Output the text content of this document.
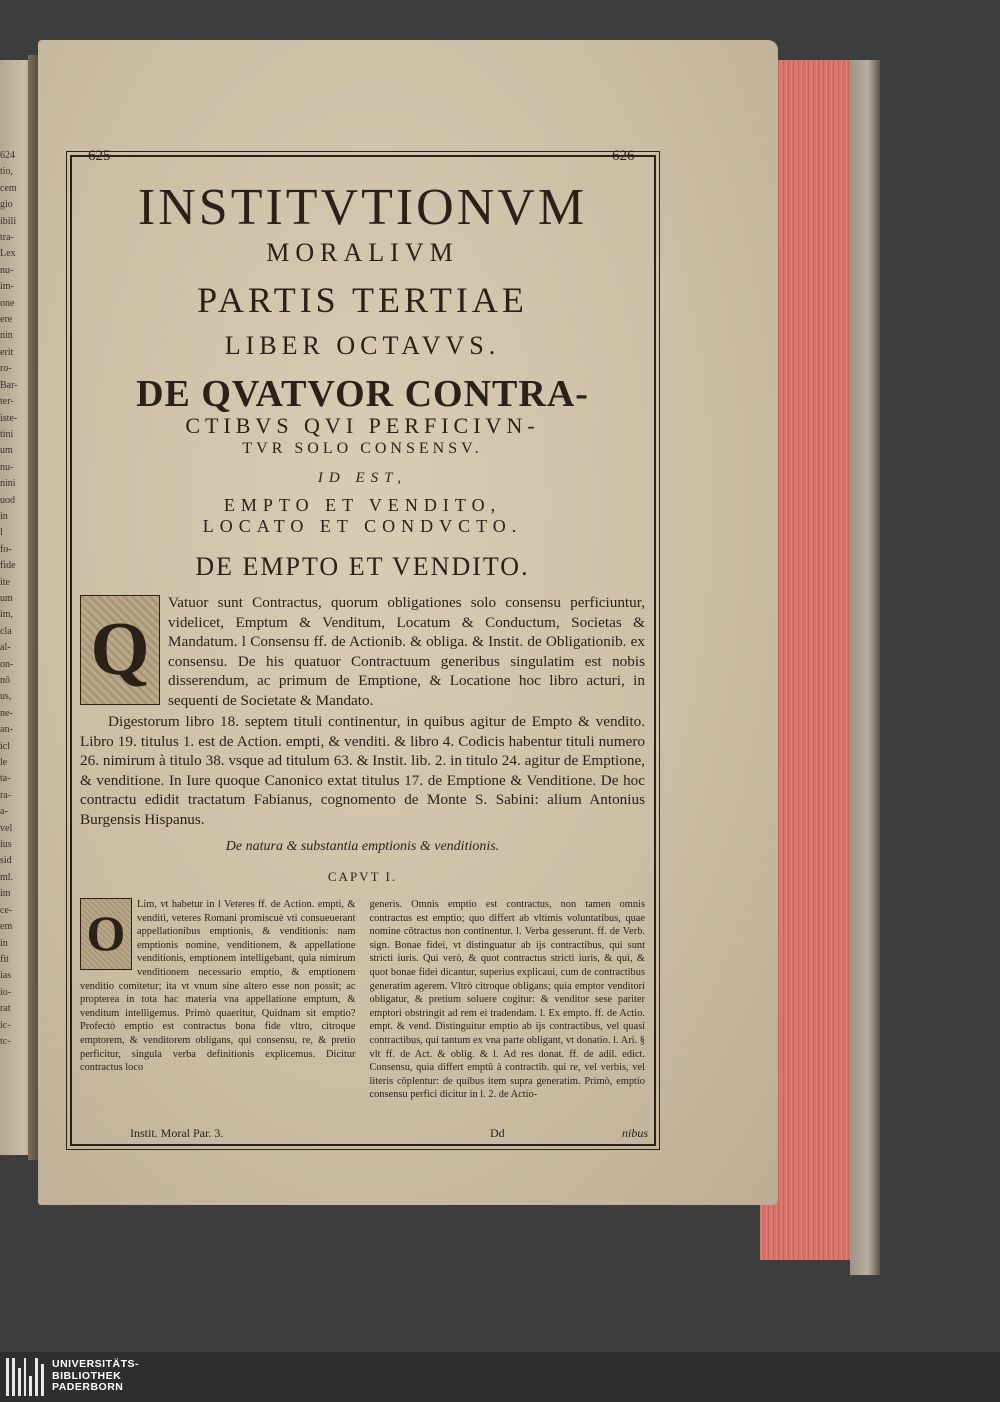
624
tio,
cem
gio
ibili
tra-
Lex
nu-
im-
one
ere
nin
erit
ro-
Bar-
ter-
iste-
tini
um
nu-
nini
uod
in
l
fo-
fide
ite
um
im,
cla
al-
on-
nō
us,
ne-
an-
icl
le
ta-
ra-
a-
vel
ius
sid
ml.
im
ce-
em
in
fit
ias
io-
rat
ic-
tc-
625	626

INSTITVTIONVM

MORALIVM

PARTIS TERTIAE

LIBER OCTAVVS.

DE QVATVOR CONTRA-

CTIBVS QVI PERFICIVN-

TVR SOLO CONSENSV.

ID EST,

EMPTO ET VENDITO,

LOCATO ET CONDVCTO.

DE EMPTO ET VENDITO.

Q
Vatuor sunt Contractus, quorum obligationes solo consensu perficiuntur, videlicet, Emptum & Venditum, Locatum & Conductum, Societas & Mandatum. l Consensu ff. de Actionib. & obliga. & Instit. de Obligationib. ex consensu. De his quatuor Contractuum generibus singulatim est nobis disserendum, ac primum de Emptione, & Locatione hoc libro acturi, in sequenti de Societate & Mandato.
Digestorum libro 18. septem tituli continentur, in quibus agitur de Empto & vendito. Libro 19. titulus 1. est de Action. empti, & venditi. & libro 4. Codicis habentur tituli numero 26. nimirum à titulo 38. vsque ad titulum 63. & Instit. lib. 2. in titulo 24. agitur de Emptione, & venditione. In Iure quoque Canonico extat titulus 17. de Emptione & Venditione. De hoc contractu edidit tractatum Fabianus, cognomento de Monte S. Sabini: alium Antonius Burgensis Hispanus.

De natura & substantia emptionis & venditionis.

CAPVT I.

O
Lim, vt habetur in l Veteres ff. de Action. empti, & venditi, veteres Romani promiscuè vti consueuerant appellationibus emptionis, & venditionis: nam emptionis nomine, venditionem, & appellatione venditionis, emptionem intelligebant, quia nimirum venditionem necessario emptio, & emptionem venditio comitetur; ita vt vnum sine altero esse non possit; ac propterea in tota hac materia vna appellatione emptum, & venditum intelligemus. Primò quaeritur, Quidnam sit emptio? Profectò emptio est contractus bona fide vltro, citroque emptorem, & venditorem obligans, qui consensu, re, & pretio perficitur, singula verba definitionis explicemus. Dicitur contractus loco
generis. Omnis emptio est contractus, non tamen omnis contractus est emptio; quo differt ab vltimis voluntatibus, quae nomine cōtractus non continentur. l. Verba gesserunt. ff. de Verb. sign. Bonae fidei, vt distinguatur ab ijs contractibus, qui sunt stricti iuris. Qui verò, & quot contractus stricti iuris, & qui, & quot bonae fidei dicantur, superius explicaui, cum de contractibus generatim agerem. Vltrò citroque obligans; quia emptor venditori obligatur, & pretium soluere cogitur: & venditor sese pariter emptori obstringit ad rem ei tradendam. l. Ex empto. ff. de Actio. empt. & vend. Distinguitur emptio ab ijs contractibus, vel quasi contractibus, qui tantum ex vna parte obligant, vt donatio. l. Ari. § vlt ff. de Act. & oblig. & l. Ad res donat. ff. de adil. edict. Consensu, quia differt emptū à contractib. qui re, vel verbis, vel literis cōplentur: de quibus item supra generatim. Primò, emptio consensu perfici dicitur in l. 2. de Actio-
Instit. Moral Par. 3.	Dd	nibus
UNIVERSITÄTS-
BIBLIOTHEK
PADERBORN
